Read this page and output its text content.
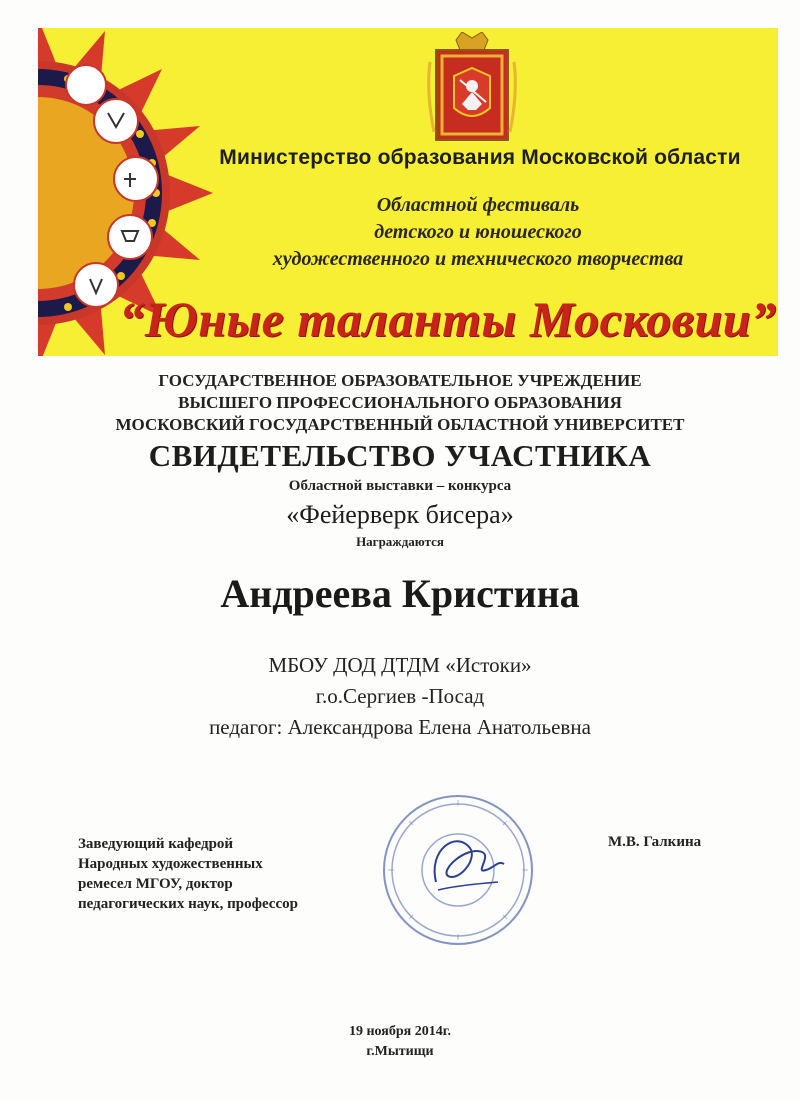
Министерство образования Московской области
Областной фестиваль
детского и юношеского
художественного и технического творчества
“Юные таланты Московии”
ГОСУДАРСТВЕННОЕ ОБРАЗОВАТЕЛЬНОЕ УЧРЕЖДЕНИЕ
ВЫСШЕГО ПРОФЕССИОНАЛЬНОГО ОБРАЗОВАНИЯ
МОСКОВСКИЙ ГОСУДАРСТВЕННЫЙ ОБЛАСТНОЙ УНИВЕРСИТЕТ
СВИДЕТЕЛЬСТВО УЧАСТНИКА
Областной выставки – конкурса
«Фейерверк бисера»
Награждаются
Андреева Кристина
МБОУ ДОД ДТДМ «Истоки»
г.о.Сергиев -Посад
педагог: Александрова Елена Анатольевна
Заведующий кафедрой
Народных художественных
ремесел МГОУ, доктор
педагогических наук, профессор
М.В. Галкина
19 ноября 2014г.
г.Мытищи
